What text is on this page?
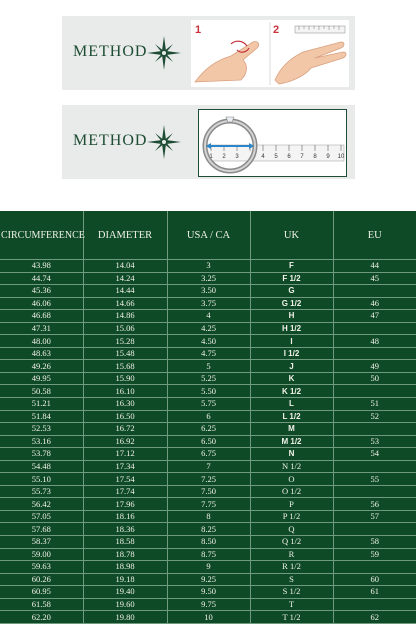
METHOD
1	2
METHOD
1 2 3	4 5 6 7 8 9 10
CIRCUMFERENCE	DIAMETER	USA / CA	UK	EU
43.98	14.04	3	F	44
44.74	14.24	3.25	F 1/2	45
45.36	14.44	3.50	G	
46.06	14.66	3.75	G 1/2	46
46.68	14.86	4	H	47
47.31	15.06	4.25	H 1/2	
48.00	15.28	4.50	I	48
48.63	15.48	4.75	I 1/2	
49.26	15.68	5	J	49
49.95	15.90	5.25	K	50
50.58	16.10	5.50	K 1/2	
51.21	16.30	5.75	L	51
51.84	16.50	6	L 1/2	52
52.53	16.72	6.25	M	
53.16	16.92	6.50	M 1/2	53
53.78	17.12	6.75	N	54
54.48	17.34	7	N 1/2	
55.10	17.54	7.25	O	55
55.73	17.74	7.50	O 1/2	
56.42	17.96	7.75	P	56
57.05	18.16	8	P 1/2	57
57.68	18.36	8.25	Q	
58.37	18.58	8.50	Q 1/2	58
59.00	18.78	8.75	R	59
59.63	18.98	9	R 1/2	
60.26	19.18	9.25	S	60
60.95	19.40	9.50	S 1/2	61
61.58	19.60	9.75	T	
62.20	19.80	10	T 1/2	62
